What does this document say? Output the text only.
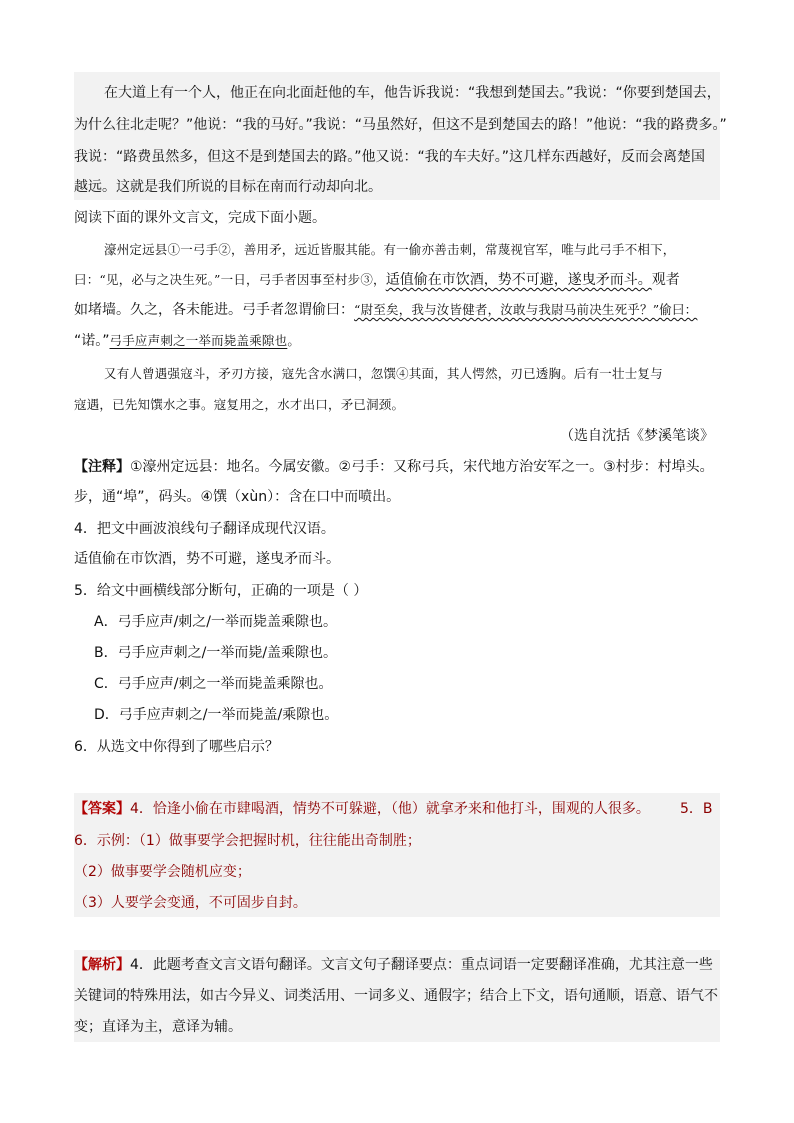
在大道上有一个人，他正在向北面赶他的车，他告诉我说：“我想到楚国去。”我说：“你要到楚国去，
为什么往北走呢？”他说：“我的马好。”我说：“马虽然好，但这不是到楚国去的路！”他说：“我的路费多。”
我说：“路费虽然多，但这不是到楚国去的路。”他又说：“我的车夫好。”这几样东西越好，反而会离楚国
越远。这就是我们所说的目标在南而行动却向北。
阅读下面的课外文言文，完成下面小题。
濠州定远县①一弓手②，善用矛，远近皆服其能。有一偷亦善击刺，常蔑视官军，唯与此弓手不相下，
曰：“见，必与之决生死。”一日，弓手者因事至村步③，适值偷在市饮酒，势不可避，遂曳矛而斗。观者
如堵墙。久之，各未能进。弓手者忽谓偷曰：“尉至矣，我与汝皆健者，汝敢与我尉马前决生死乎？”偷曰：
“诺。”弓手应声刺之一举而毙盖乘隙也。
又有人曾遇强寇斗，矛刃方接，寇先含水满口，忽馔④其面，其人愕然，刃已透胸。后有一壮士复与
寇遇，已先知馔水之事。寇复用之，水才出口，矛已洞颈。
（选自沈括《梦溪笔谈》
【注释】①濠州定远县：地名。今属安徽。②弓手：又称弓兵，宋代地方治安军之一。③村步：村埠头。
步，通“埠”，码头。④馔（xùn）：含在口中而喷出。
4．把文中画波浪线句子翻译成现代汉语。
适值偷在市饮酒，势不可避，遂曳矛而斗。
5．给文中画横线部分断句，正确的一项是（ ）
A．弓手应声/刺之/一举而毙盖乘隙也。
B．弓手应声刺之/一举而毙/盖乘隙也。
C．弓手应声/刺之一举而毙盖乘隙也。
D．弓手应声刺之/一举而毙盖/乘隙也。
6．从选文中你得到了哪些启示？
【答案】4．恰逢小偷在市肆喝酒，情势不可躲避，（他）就拿矛来和他打斗，围观的人很多。 5．B
6．示例：（1）做事要学会把握时机，往往能出奇制胜；
（2）做事要学会随机应变；
（3）人要学会变通，不可固步自封。
【解析】4．此题考查文言文语句翻译。文言文句子翻译要点：重点词语一定要翻译准确，尤其注意一些
关键词的特殊用法，如古今异义、词类活用、一词多义、通假字；结合上下文，语句通顺，语意、语气不
变；直译为主，意译为辅。
